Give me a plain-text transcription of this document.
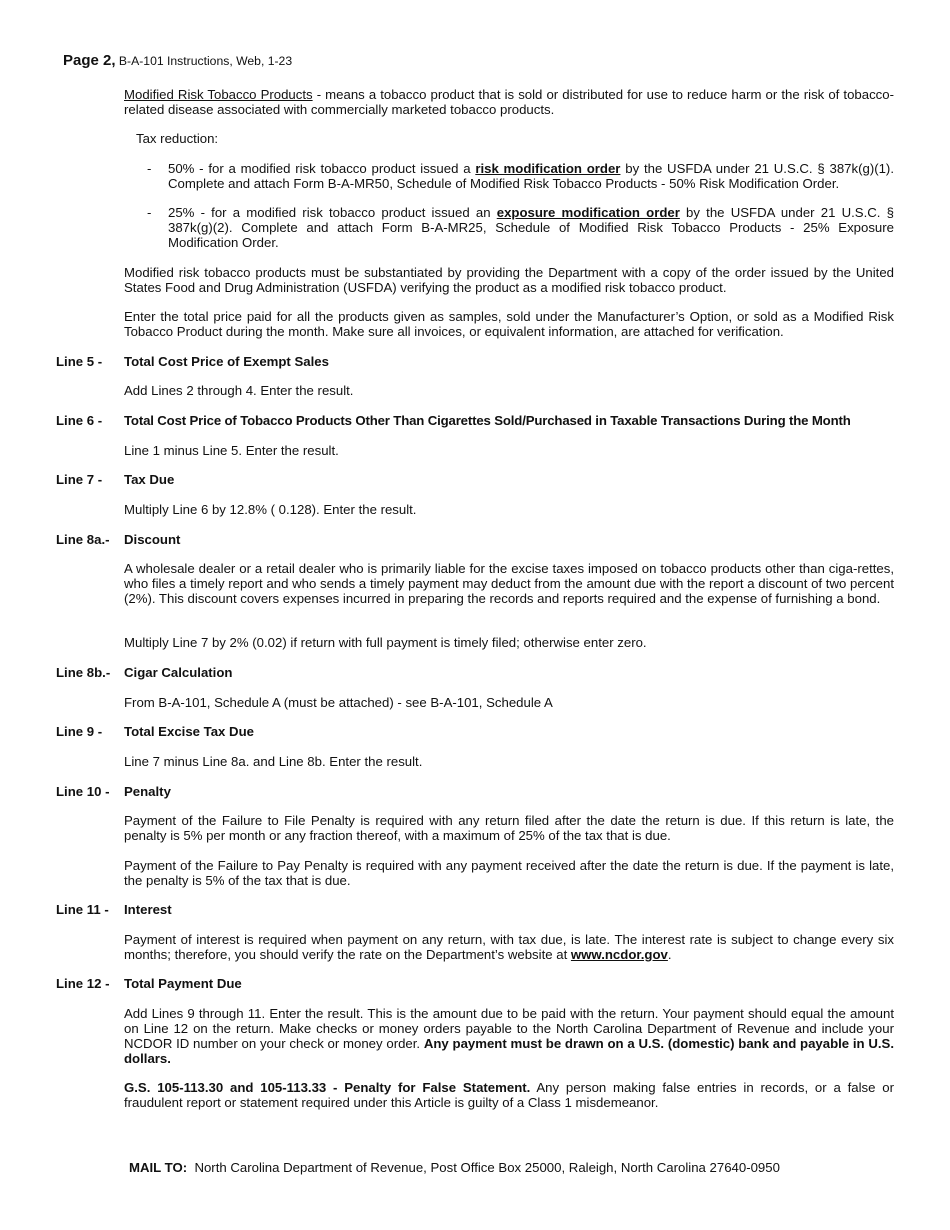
Page 2, B-A-101 Instructions, Web, 1-23
Modified Risk Tobacco Products - means a tobacco product that is sold or distributed for use to reduce harm or the risk of tobacco-related disease associated with commercially marketed tobacco products.
Tax reduction:
- 50% - for a modified risk tobacco product issued a risk modification order by the USFDA under 21 U.S.C. § 387k(g)(1). Complete and attach Form B-A-MR50, Schedule of Modified Risk Tobacco Products - 50% Risk Modification Order.
- 25% - for a modified risk tobacco product issued an exposure modification order by the USFDA under 21 U.S.C. § 387k(g)(2). Complete and attach Form B-A-MR25, Schedule of Modified Risk Tobacco Products - 25% Exposure Modification Order.
Modified risk tobacco products must be substantiated by providing the Department with a copy of the order issued by the United States Food and Drug Administration (USFDA) verifying the product as a modified risk tobacco product.
Enter the total price paid for all the products given as samples, sold under the Manufacturer’s Option, or sold as a Modified Risk Tobacco Product during the month. Make sure all invoices, or equivalent information, are attached for verification.
Line 5 - Total Cost Price of Exempt Sales
Add Lines 2 through 4. Enter the result.
Line 6 - Total Cost Price of Tobacco Products Other Than Cigarettes Sold/Purchased in Taxable Transactions During the Month
Line 1 minus Line 5. Enter the result.
Line 7 - Tax Due
Multiply Line 6 by 12.8% ( 0.128). Enter the result.
Line 8a.- Discount
A wholesale dealer or a retail dealer who is primarily liable for the excise taxes imposed on tobacco products other than ciga-rettes, who files a timely report and who sends a timely payment may deduct from the amount due with the report a discount of two percent (2%). This discount covers expenses incurred in preparing the records and reports required and the expense of furnishing a bond.
Multiply Line 7 by 2% (0.02) if return with full payment is timely filed; otherwise enter zero.
Line 8b.- Cigar Calculation
From B-A-101, Schedule A (must be attached) - see B-A-101, Schedule A
Line 9 - Total Excise Tax Due
Line 7 minus Line 8a. and Line 8b. Enter the result.
Line 10 - Penalty
Payment of the Failure to File Penalty is required with any return filed after the date the return is due. If this return is late, the penalty is 5% per month or any fraction thereof, with a maximum of 25% of the tax that is due.
Payment of the Failure to Pay Penalty is required with any payment received after the date the return is due. If the payment is late, the penalty is 5% of the tax that is due.
Line 11 - Interest
Payment of interest is required when payment on any return, with tax due, is late. The interest rate is subject to change every six months; therefore, you should verify the rate on the Department’s website at www.ncdor.gov.
Line 12 - Total Payment Due
Add Lines 9 through 11. Enter the result. This is the amount due to be paid with the return. Your payment should equal the amount on Line 12 on the return. Make checks or money orders payable to the North Carolina Department of Revenue and include your NCDOR ID number on your check or money order. Any payment must be drawn on a U.S. (domestic) bank and payable in U.S. dollars.
G.S. 105-113.30 and 105-113.33 - Penalty for False Statement. Any person making false entries in records, or a false or fraudulent report or statement required under this Article is guilty of a Class 1 misdemeanor.
MAIL TO: North Carolina Department of Revenue, Post Office Box 25000, Raleigh, North Carolina 27640-0950
